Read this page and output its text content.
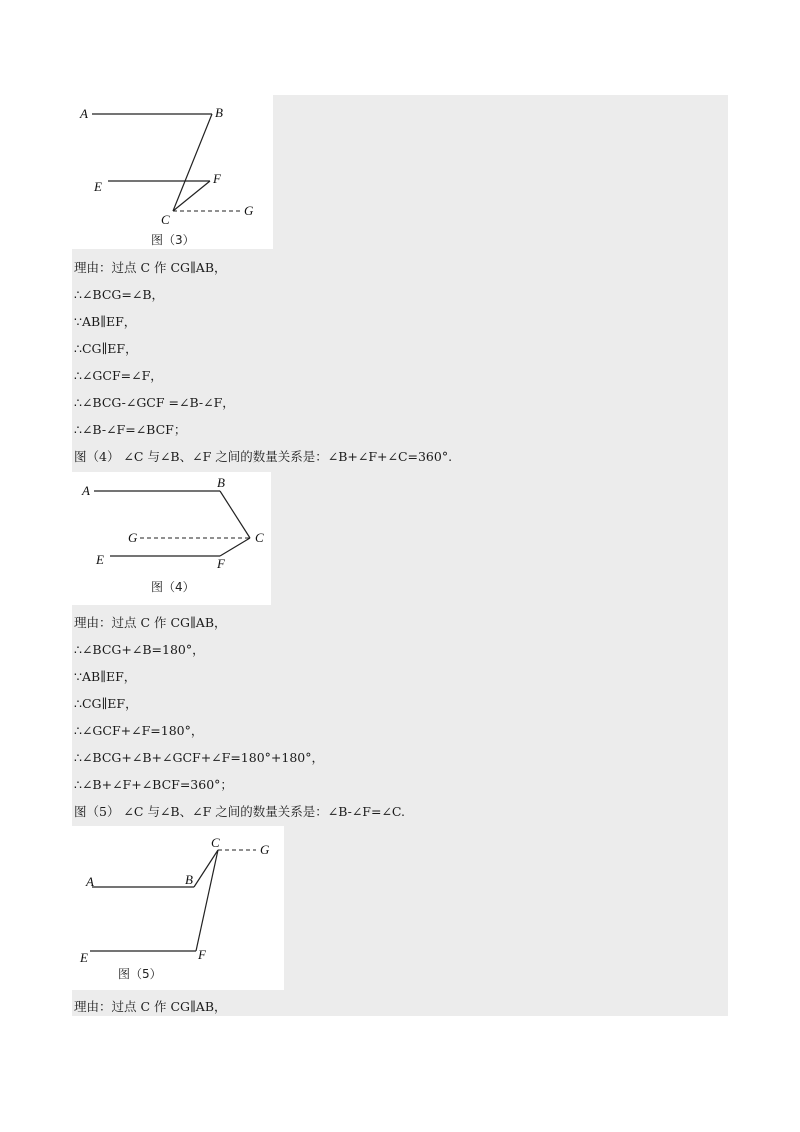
A	B
E
F
C
G
图（3）
理由：过点 C 作 CG∥AB，
∴∠BCG=∠B，
∵AB∥EF，
∴CG∥EF，
∴∠GCF=∠F，
∴∠BCG-∠GCF =∠B-∠F，
∴∠B-∠F=∠BCF；
图（4） ∠C 与∠B、∠F 之间的数量关系是：∠B+∠F+∠C=360°.
A
B
G	C
E	F
图（4）
理由：过点 C 作 CG∥AB，
∴∠BCG+∠B=180°，
∵AB∥EF，
∴CG∥EF，
∴∠GCF+∠F=180°，
∴∠BCG+∠B+∠GCF+∠F=180°+180°，
∴∠B+∠F+∠BCF=360°；
图（5） ∠C 与∠B、∠F 之间的数量关系是：∠B-∠F=∠C.
A	B
C	G
E	F
图（5）
理由：过点 C 作 CG∥AB，
